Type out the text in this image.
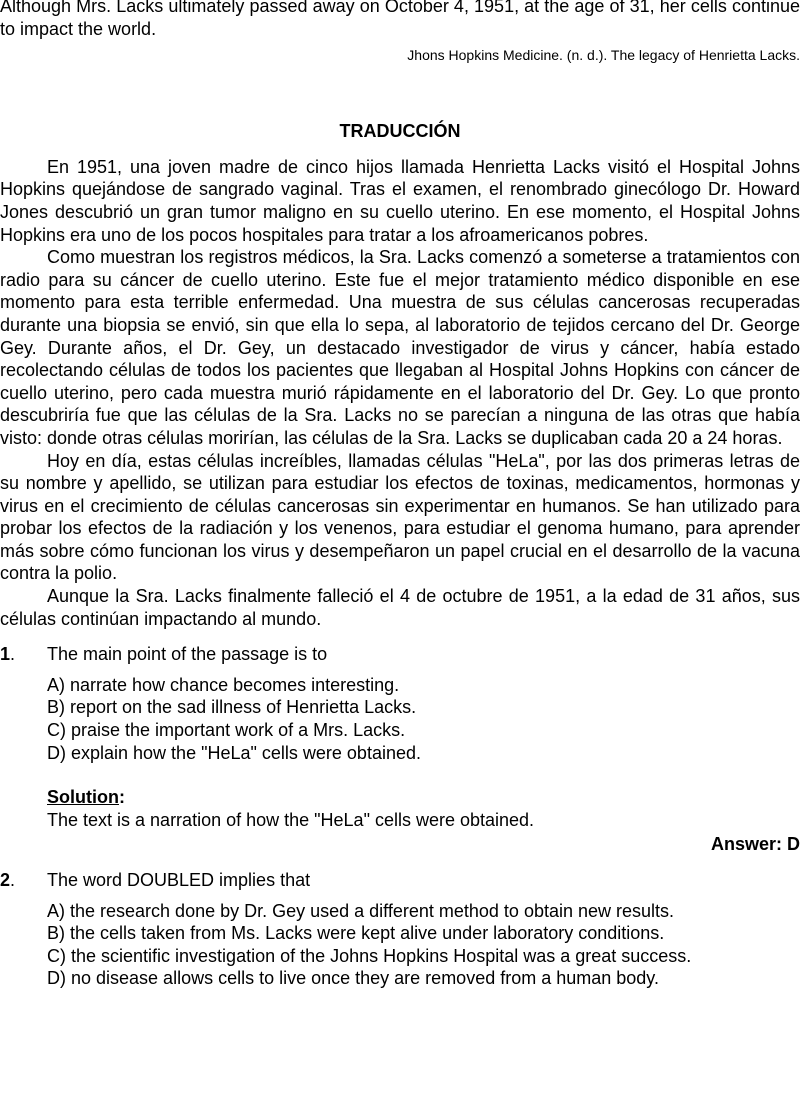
Although Mrs. Lacks ultimately passed away on October 4, 1951, at the age of 31, her cells continue to impact the world.

Jhons Hopkins Medicine. (n. d.). The legacy of Henrietta Lacks.

TRADUCCIÓN

En 1951, una joven madre de cinco hijos llamada Henrietta Lacks visitó el Hospital Johns Hopkins quejándose de sangrado vaginal. Tras el examen, el renombrado ginecólogo Dr. Howard Jones descubrió un gran tumor maligno en su cuello uterino. En ese momento, el Hospital Johns Hopkins era uno de los pocos hospitales para tratar a los afroamericanos pobres.

Como muestran los registros médicos, la Sra. Lacks comenzó a someterse a tratamientos con radio para su cáncer de cuello uterino. Este fue el mejor tratamiento médico disponible en ese momento para esta terrible enfermedad. Una muestra de sus células cancerosas recuperadas durante una biopsia se envió, sin que ella lo sepa, al laboratorio de tejidos cercano del Dr. George Gey. Durante años, el Dr. Gey, un destacado investigador de virus y cáncer, había estado recolectando células de todos los pacientes que llegaban al Hospital Johns Hopkins con cáncer de cuello uterino, pero cada muestra murió rápidamente en el laboratorio del Dr. Gey. Lo que pronto descubriría fue que las células de la Sra. Lacks no se parecían a ninguna de las otras que había visto: donde otras células morirían, las células de la Sra. Lacks se duplicaban cada 20 a 24 horas.

Hoy en día, estas células increíbles, llamadas células "HeLa", por las dos primeras letras de su nombre y apellido, se utilizan para estudiar los efectos de toxinas, medicamentos, hormonas y virus en el crecimiento de células cancerosas sin experimentar en humanos. Se han utilizado para probar los efectos de la radiación y los venenos, para estudiar el genoma humano, para aprender más sobre cómo funcionan los virus y desempeñaron un papel crucial en el desarrollo de la vacuna contra la polio.

Aunque la Sra. Lacks finalmente falleció el 4 de octubre de 1951, a la edad de 31 años, sus células continúan impactando al mundo.

1. The main point of the passage is to
A) narrate how chance becomes interesting.
B) report on the sad illness of Henrietta Lacks.
C) praise the important work of a Mrs. Lacks.
D) explain how the "HeLa" cells were obtained.
Solution:
The text is a narration of how the "HeLa" cells were obtained.
Answer: D
2. The word DOUBLED implies that
A) the research done by Dr. Gey used a different method to obtain new results.
B) the cells taken from Ms. Lacks were kept alive under laboratory conditions.
C) the scientific investigation of the Johns Hopkins Hospital was a great success.
D) no disease allows cells to live once they are removed from a human body.
